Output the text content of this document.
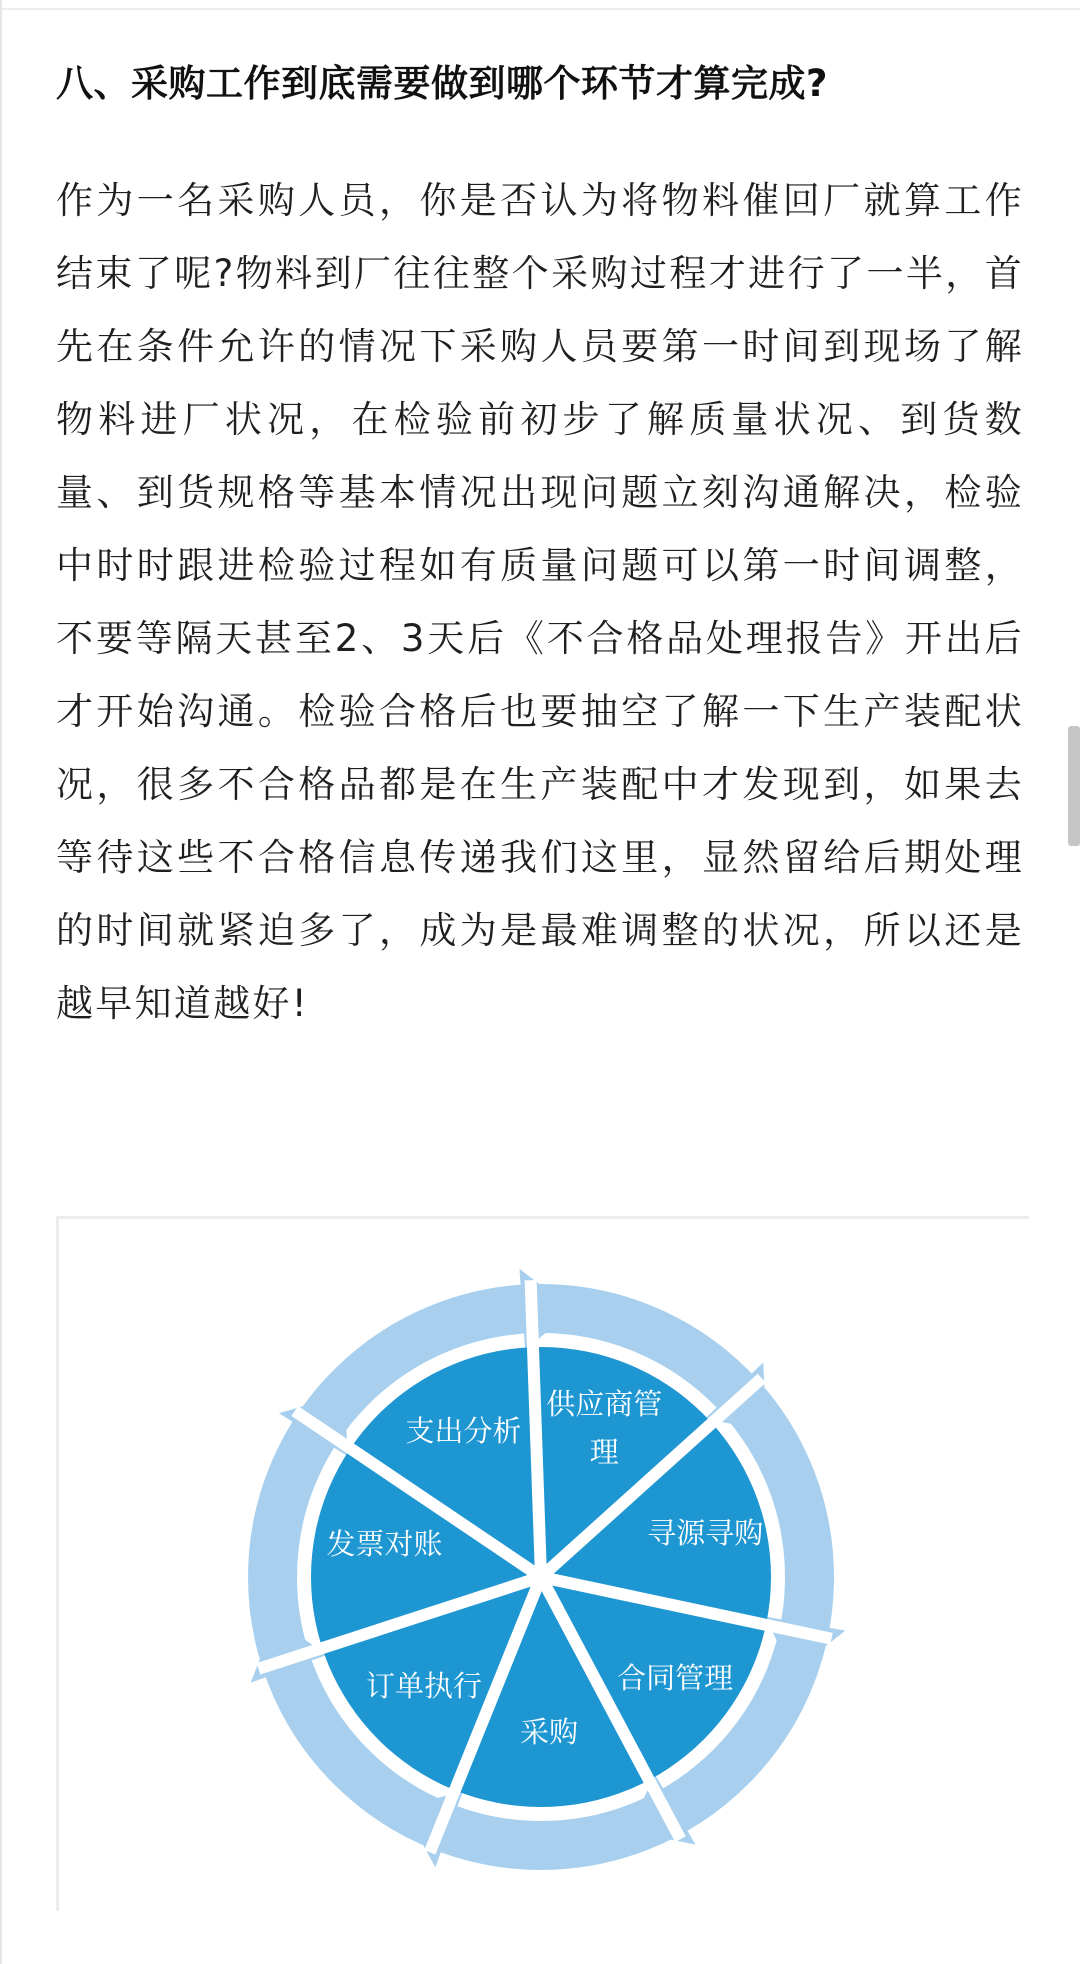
八、采购工作到底需要做到哪个环节才算完成?

作为一名采购人员，你是否认为将物料催回厂就算工作结束了呢?物料到厂往往整个采购过程才进行了一半，首先在条件允许的情况下采购人员要第一时间到现场了解物料进厂状况，在检验前初步了解质量状况、到货数量、到货规格等基本情况出现问题立刻沟通解决，检验中时时跟进检验过程如有质量问题可以第一时间调整，不要等隔天甚至2、3天后《不合格品处理报告》开出后才开始沟通。检验合格后也要抽空了解一下生产装配状况，很多不合格品都是在生产装配中才发现到，如果去等待这些不合格信息传递我们这里，显然留给后期处理的时间就紧迫多了，成为是最难调整的状况，所以还是越早知道越好!

支出分析
供应商管
理
寻源寻购
合同管理
采购
订单执行
发票对账
